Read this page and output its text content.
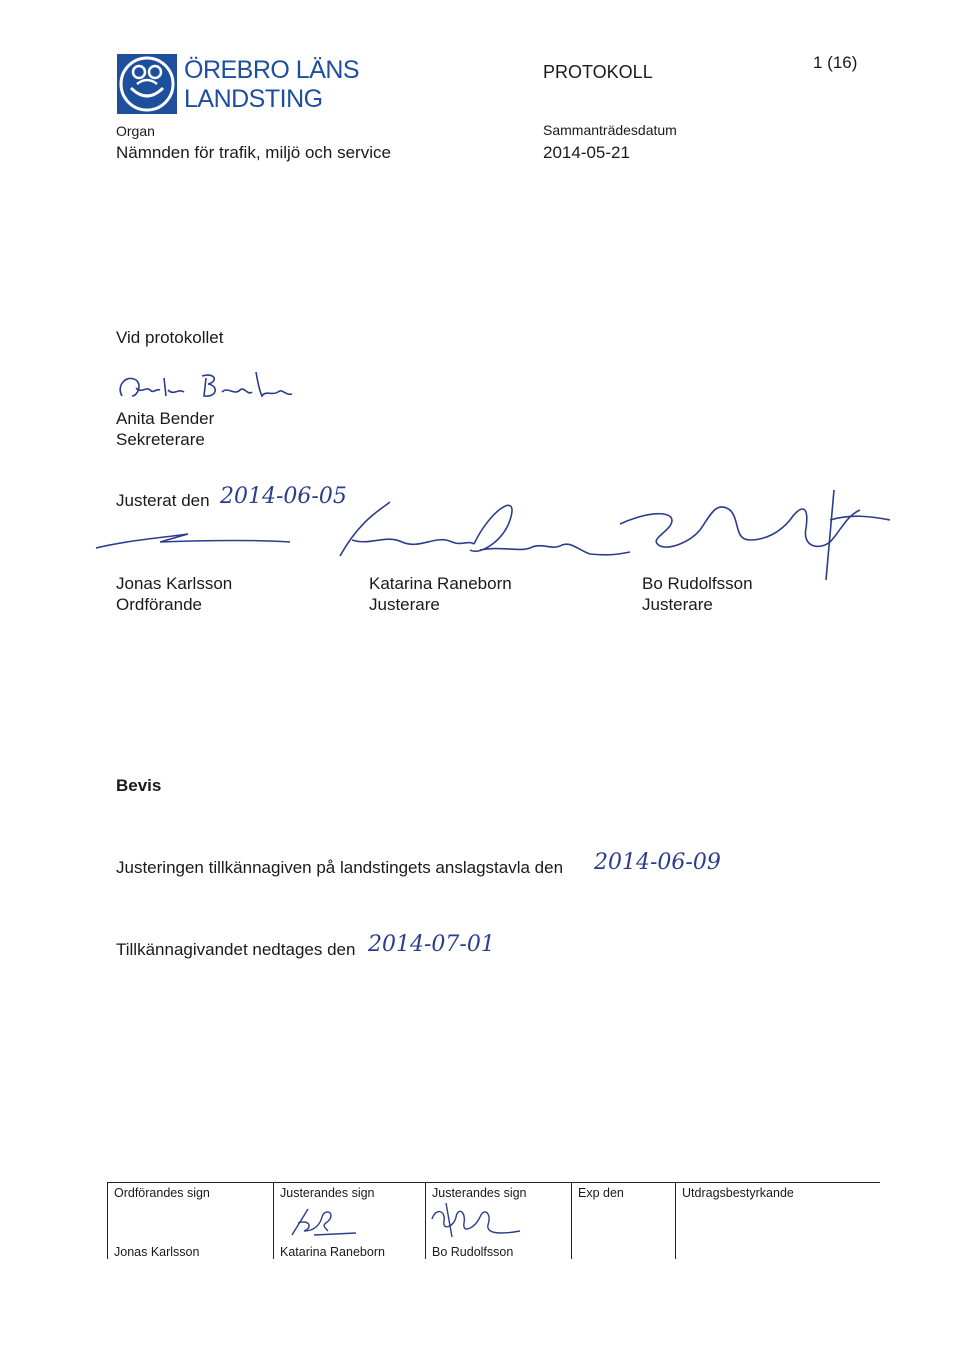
ÖREBRO LÄNS
LANDSTING
PROTOKOLL	1 (16)
Organ
Nämnden för trafik, miljö och service
Sammanträdesdatum
2014-05-21
Vid protokollet
Anita Bender
Sekreterare
Justerat den 2014-06-05
Jonas Karlsson
Ordförande
Katarina Raneborn
Justerare
Bo Rudolfsson
Justerare
Bevis
Justeringen tillkännagiven på landstingets anslagstavla den 2014-06-09
Tillkännagivandet nedtages den 2014-07-01
Ordförandes sign
Jonas Karlsson
Justerandes sign
Katarina Raneborn
Justerandes sign
Bo Rudolfsson
Exp den	Utdragsbestyrkande
